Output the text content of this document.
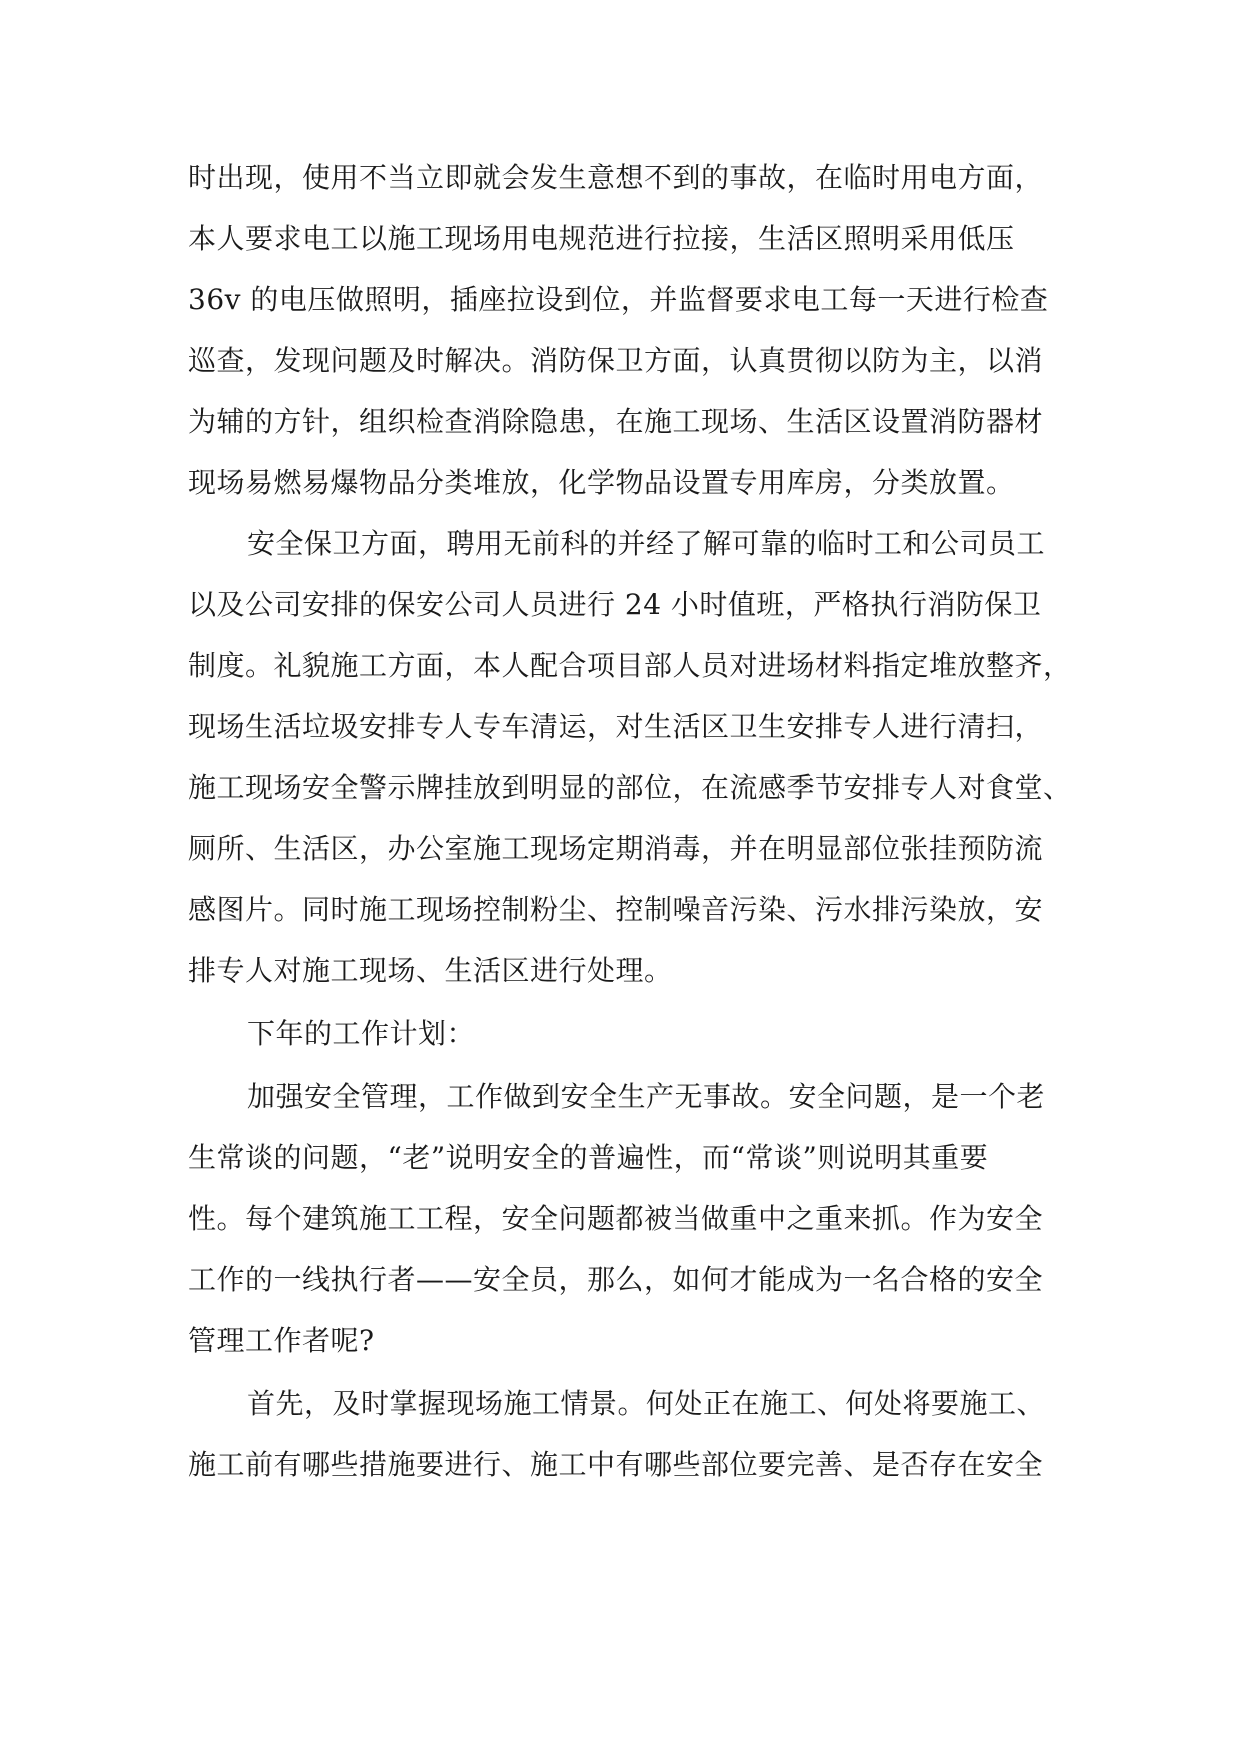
时出现，使用不当立即就会发生意想不到的事故，在临时用电方面，
本人要求电工以施工现场用电规范进行拉接，生活区照明采用低压
36v 的电压做照明，插座拉设到位，并监督要求电工每一天进行检查
巡查，发现问题及时解决。消防保卫方面，认真贯彻以防为主，以消
为辅的方针，组织检查消除隐患，在施工现场、生活区设置消防器材
现场易燃易爆物品分类堆放，化学物品设置专用库房，分类放置。
安全保卫方面，聘用无前科的并经了解可靠的临时工和公司员工
以及公司安排的保安公司人员进行 24 小时值班，严格执行消防保卫
制度。礼貌施工方面，本人配合项目部人员对进场材料指定堆放整齐，
现场生活垃圾安排专人专车清运，对生活区卫生安排专人进行清扫，
施工现场安全警示牌挂放到明显的部位，在流感季节安排专人对食堂、
厕所、生活区，办公室施工现场定期消毒，并在明显部位张挂预防流
感图片。同时施工现场控制粉尘、控制噪音污染、污水排污染放，安
排专人对施工现场、生活区进行处理。
下年的工作计划：
加强安全管理，工作做到安全生产无事故。安全问题，是一个老
生常谈的问题，“老”说明安全的普遍性，而“常谈”则说明其重要
性。每个建筑施工工程，安全问题都被当做重中之重来抓。作为安全
工作的一线执行者——安全员，那么，如何才能成为一名合格的安全
管理工作者呢?
首先，及时掌握现场施工情景。何处正在施工、何处将要施工、
施工前有哪些措施要进行、施工中有哪些部位要完善、是否存在安全
